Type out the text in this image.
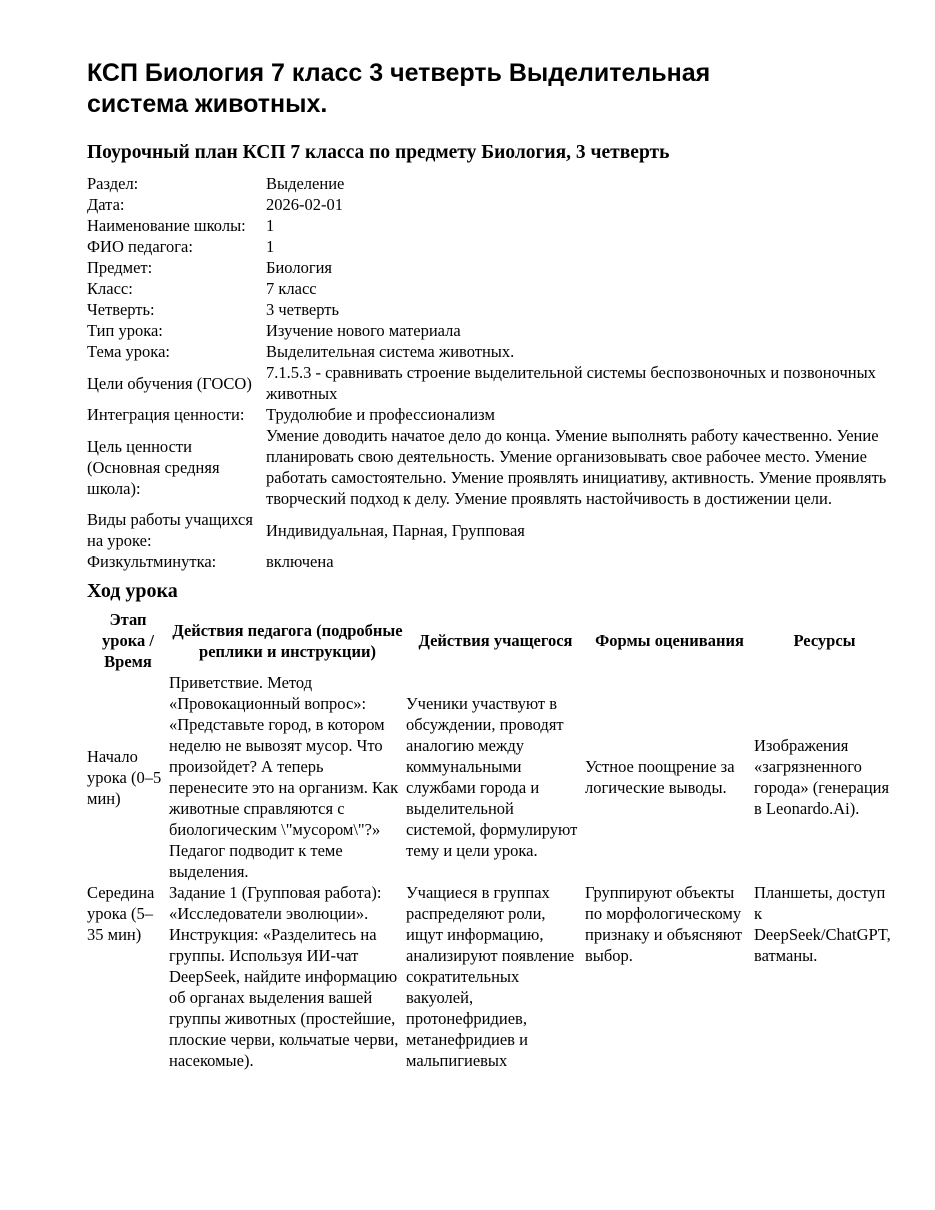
КСП Биология 7 класс 3 четверть Выделительная система животных.
Поурочный план КСП 7 класса по предмету Биология, 3 четверть
Раздел:	Выделение
Дата:	2026-02-01
Наименование школы:	1
ФИО педагога:	1
Предмет:	Биология
Класс:	7 класс
Четверть:	3 четверть
Тип урока:	Изучение нового материала
Тема урока:	Выделительная система животных.
Цели обучения (ГОСО)	7.1.5.3 - сравнивать строение выделительной системы беспозвоночных и позвоночных животных
Интеграция ценности:	Трудолюбие и профессионализм
Цель ценности (Основная средняя школа):	Умение доводить начатое дело до конца. Умение выполнять работу качественно. Уение планировать свою деятельность. Умение организовывать свое рабочее место. Умение работать самостоятельно. Умение проявлять инициативу, активность. Умение проявлять творческий подход к делу. Умение проявлять настойчивость в достижении цели.
Виды работы учащихся на уроке:	Индивидуальная, Парная, Групповая
Физкультминутка:	включена
Ход урока
Этап урока / Время	Действия педагога (подробные реплики и инструкции)	Действия учащегося	Формы оценивания	Ресурсы
Начало урока (0–5 мин)	Приветствие. Метод «Провокационный вопрос»: «Представьте город, в котором неделю не вывозят мусор. Что произойдет? А теперь перенесите это на организм. Как животные справляются с биологическим \"мусором\"?» Педагог подводит к теме выделения.	Ученики участвуют в обсуждении, проводят аналогию между коммунальными службами города и выделительной системой, формулируют тему и цели урока.	Устное поощрение за логические выводы.	Изображения «загрязненного города» (генерация в Leonardo.Ai).
Середина урока (5–35 мин)	Задание 1 (Групповая работа): «Исследователи эволюции». Инструкция: «Разделитесь на группы. Используя ИИ-чат DeepSeek, найдите информацию об органах выделения вашей группы животных (простейшие, плоские черви, кольчатые черви, насекомые).	Учащиеся в группах распределяют роли, ищут информацию, анализируют появление сократительных вакуолей, протонефридиев, метанефридиев и мальпигиевых	Группируют объекты по морфологическому признаку и объясняют выбор.	Планшеты, доступ к DeepSeek/ChatGPT, ватманы.
